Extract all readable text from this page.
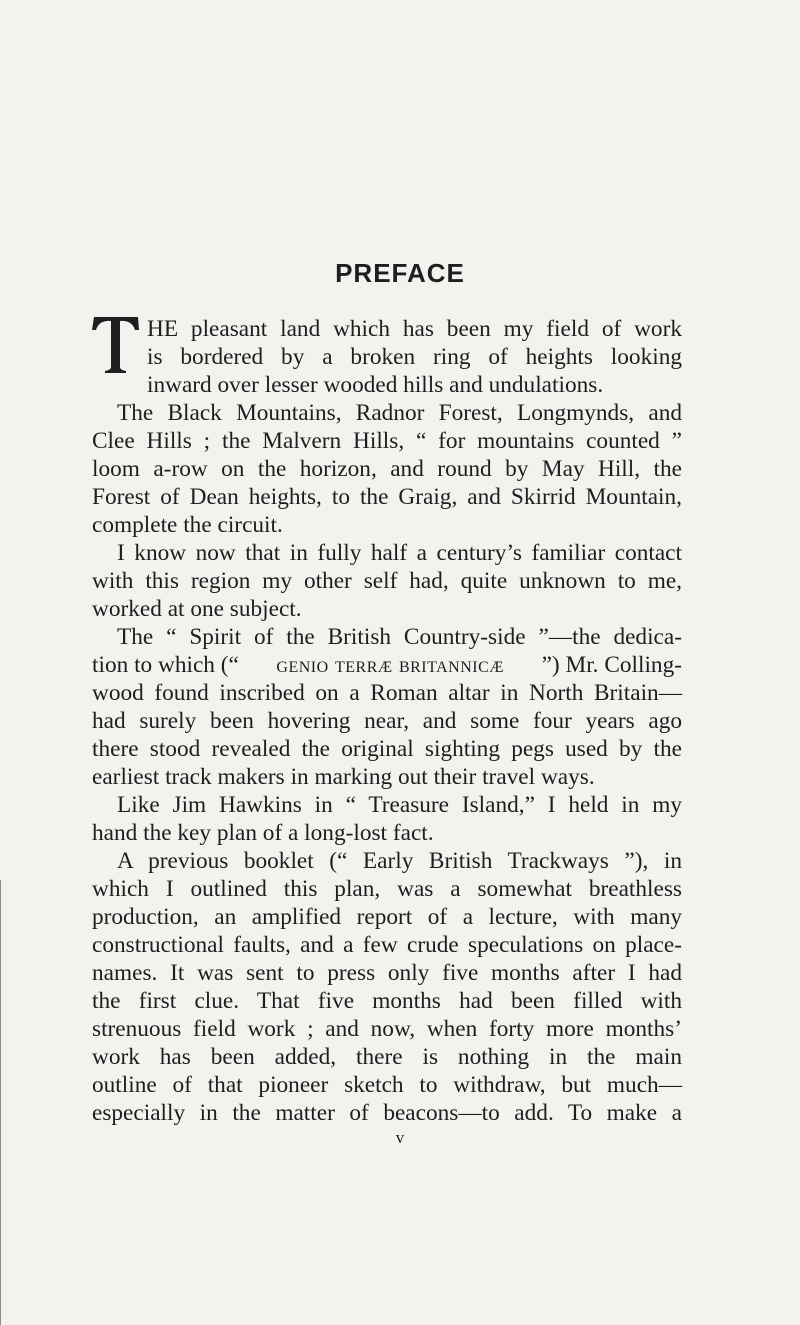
PREFACE
T
HE pleasant land which has been my field of work
is bordered by a broken ring of heights looking
inward over lesser wooded hills and undulations.
The Black Mountains, Radnor Forest, Longmynds, and
Clee Hills ; the Malvern Hills, “ for mountains counted ”
loom a-row on the horizon, and round by May Hill, the
Forest of Dean heights, to the Graig, and Skirrid Mountain,
complete the circuit.
I know now that in fully half a century’s familiar contact
with this region my other self had, quite unknown to me,
worked at one subject.
The “ Spirit of the British Country-side ”—the dedica-
tion to which (“ genio terræ britannicæ ”) Mr. Colling-
wood found inscribed on a Roman altar in North Britain—
had surely been hovering near, and some four years ago
there stood revealed the original sighting pegs used by the
earliest track makers in marking out their travel ways.
Like Jim Hawkins in “ Treasure Island,” I held in my
hand the key plan of a long-lost fact.
A previous booklet (“ Early British Trackways ”), in
which I outlined this plan, was a somewhat breathless
production, an amplified report of a lecture, with many
constructional faults, and a few crude speculations on place-
names. It was sent to press only five months after I had
the first clue. That five months had been filled with
strenuous field work ; and now, when forty more months’
work has been added, there is nothing in the main
outline of that pioneer sketch to withdraw, but much—
especially in the matter of beacons—to add. To make a
v
